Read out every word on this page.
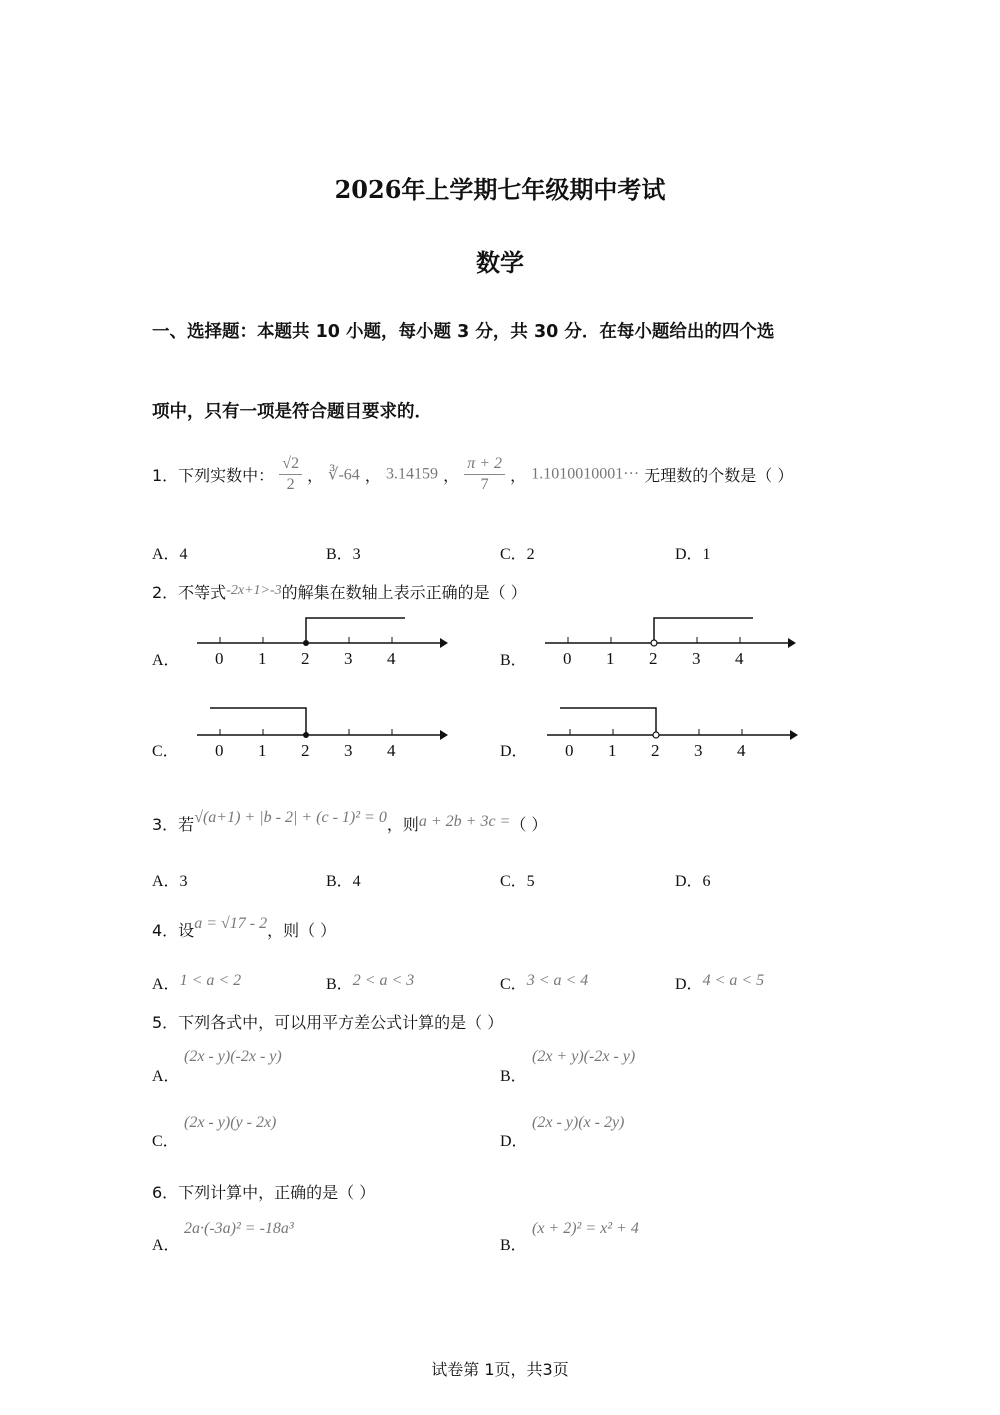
2026年上学期七年级期中考试
数学
一、选择题：本题共 10 小题，每小题 3 分，共 30 分．在每小题给出的四个选
项中，只有一项是符合题目要求的．
1．下列实数中： $\frac{√2}{2}$ ， ∛-64 ， 3.14159 ， $\frac{\pi + 2}{7}$ ， 1.1010010001··· 无理数的个数是（ ）
A．4	B．3	C．2	D．1
2．不等式-2x+1>-3的解集在数轴上表示正确的是（ ）
A．	B．
C．	D．
0 1 2 3 4	0 1 2 3 4
0 1 2 3 4	0 1 2 3 4
3．若√(a+1) + |b - 2| + (c - 1)² = 0，则a + 2b + 3c =（ ）
A．3	B．4	C．5	D．6
4．设a = √17 - 2，则（ ）
A．1 < a < 2	B．2 < a < 3	C．3 < a < 4	D．4 < a < 5
5．下列各式中，可以用平方差公式计算的是（ ）
A．
(2x - y)(-2x - y)
B．
(2x + y)(-2x - y)
C．
(2x - y)(y - 2x)
D．
(2x - y)(x - 2y)
6．下列计算中，正确的是（ ）
A．
2a·(-3a)² = -18a³
B．
(x + 2)² = x² + 4
试卷第 1页，共3页
